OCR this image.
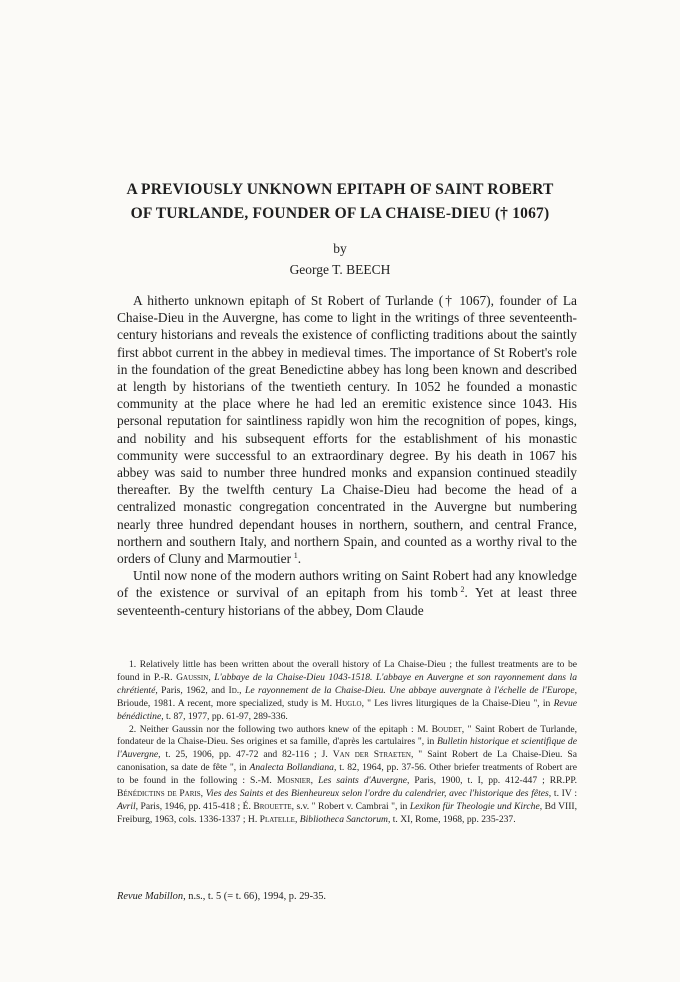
A PREVIOUSLY UNKNOWN EPITAPH OF SAINT ROBERT
OF TURLANDE, FOUNDER OF LA CHAISE-DIEU († 1067)
by
George T. BEECH

A hitherto unknown epitaph of St Robert of Turlande († 1067), founder of La Chaise-Dieu in the Auvergne, has come to light in the writings of three seventeenth-century historians and reveals the existence of conflicting traditions about the saintly first abbot current in the abbey in medieval times. The importance of St Robert's role in the foundation of the great Benedictine abbey has long been known and described at length by historians of the twentieth century. In 1052 he founded a monastic community at the place where he had led an eremitic existence since 1043. His personal reputation for saintliness rapidly won him the recognition of popes, kings, and nobility and his subsequent efforts for the establishment of his monastic community were successful to an extraordinary degree. By his death in 1067 his abbey was said to number three hundred monks and expansion continued steadily thereafter. By the twelfth century La Chaise-Dieu had become the head of a centralized monastic congregation concentrated in the Auvergne but numbering nearly three hundred dependant houses in northern, southern, and central France, northern and southern Italy, and northern Spain, and counted as a worthy rival to the orders of Cluny and Marmoutier  $^1$.

Until now none of the modern authors writing on Saint Robert had any knowledge of the existence or survival of an epitaph from his tomb  $^2$. Yet at least three seventeenth-century historians of the abbey, Dom Claude

1. Relatively little has been written about the overall history of La Chaise-Dieu ; the fullest treatments are to be found in P.-R. Gaussin, L'abbaye de la Chaise-Dieu 1043-1518. L'abbaye en Auvergne et son rayonnement dans la chrétienté, Paris, 1962, and Id., Le rayonnement de la Chaise-Dieu. Une abbaye auvergnate à l'échelle de l'Europe, Brioude, 1981. A recent, more specialized, study is M. Huglo, " Les livres liturgiques de la Chaise-Dieu ", in Revue bénédictine, t. 87, 1977, pp. 61-97, 289-336.

2. Neither Gaussin nor the following two authors knew of the epitaph : M. Boudet, " Saint Robert de Turlande, fondateur de la Chaise-Dieu. Ses origines et sa famille, d'après les cartulaires ", in Bulletin historique et scientifique de l'Auvergne, t. 25, 1906, pp. 47-72 and 82-116 ; J. Van der Straeten, " Saint Robert de La Chaise-Dieu. Sa canonisation, sa date de fête ", in Analecta Bollandiana, t. 82, 1964, pp. 37-56. Other briefer treatments of Robert are to be found in the following : S.-M. Mosnier, Les saints d'Auvergne, Paris, 1900, t. I, pp. 412-447 ; RR.PP. Bénédictins de Paris, Vies des Saints et des Bienheureux selon l'ordre du calendrier, avec l'historique des fêtes, t. IV : Avril, Paris, 1946, pp. 415-418 ; É. Brouette, s.v. " Robert v. Cambrai ", in Lexikon für Theologie und Kirche, Bd VIII, Freiburg, 1963, cols. 1336-1337 ; H. Platelle, Bibliotheca Sanctorum, t. XI, Rome, 1968, pp. 235-237.

Revue Mabillon, n.s., t. 5 (= t. 66), 1994, p. 29-35.
